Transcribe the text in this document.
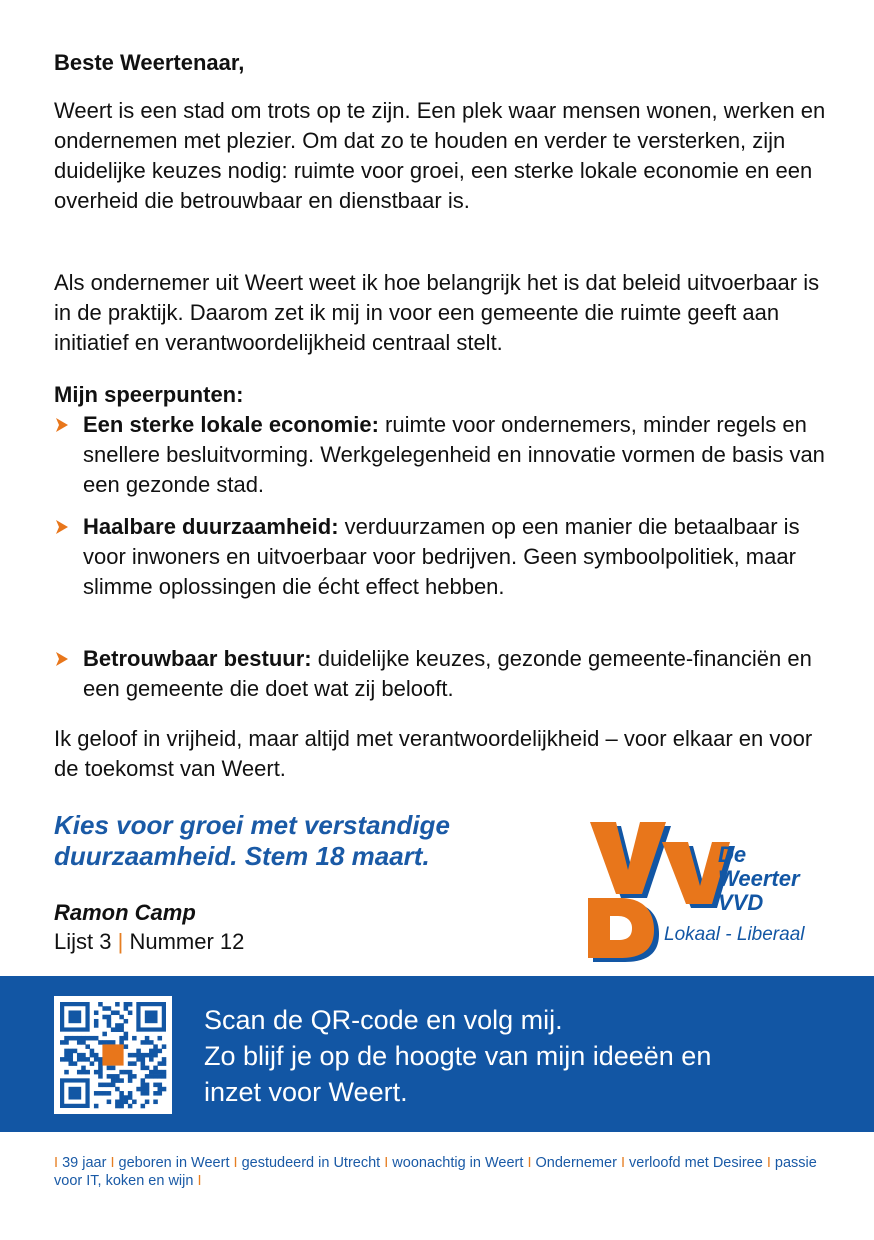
Beste Weertenaar,

Weert is een stad om trots op te zijn. Een plek waar mensen wonen, werken en ondernemen met plezier. Om dat zo te houden en verder te versterken, zijn duidelijke keuzes nodig: ruimte voor groei, een sterke lokale economie en een overheid die betrouwbaar en dienstbaar is.

Als ondernemer uit Weert weet ik hoe belangrijk het is dat beleid uitvoerbaar is in de praktijk. Daarom zet ik mij in voor een gemeente die ruimte geeft aan initiatief en verantwoordelijkheid centraal stelt.

Mijn speerpunten:

Een sterke lokale economie: ruimte voor ondernemers, minder regels en snellere besluitvorming. Werkgelegenheid en innovatie vormen de basis van een gezonde stad.
Haalbare duurzaamheid: verduurzamen op een manier die betaalbaar is voor inwoners en uitvoerbaar voor bedrijven. Geen symboolpolitiek, maar slimme oplossingen die écht effect hebben.
Betrouwbaar bestuur: duidelijke keuzes, gezonde gemeente-financiën en een gemeente die doet wat zij belooft.

Ik geloof in vrijheid, maar altijd met verantwoordelijkheid – voor elkaar en voor de toekomst van Weert.

Kies voor groei met verstandige duurzaamheid. Stem 18 maart.

Ramon Camp
Lijst 3 | Nummer 12
De
Weerter
VVD
Lokaal - Liberaal
Scan de QR-code en volg mij.
Zo blijf je op de hoogte van mijn ideeën en
inzet voor Weert.
I 39 jaar I geboren in Weert I gestudeerd in Utrecht I woonachtig in Weert I Ondernemer I verloofd met Desiree I passie voor IT, koken en wijn I
